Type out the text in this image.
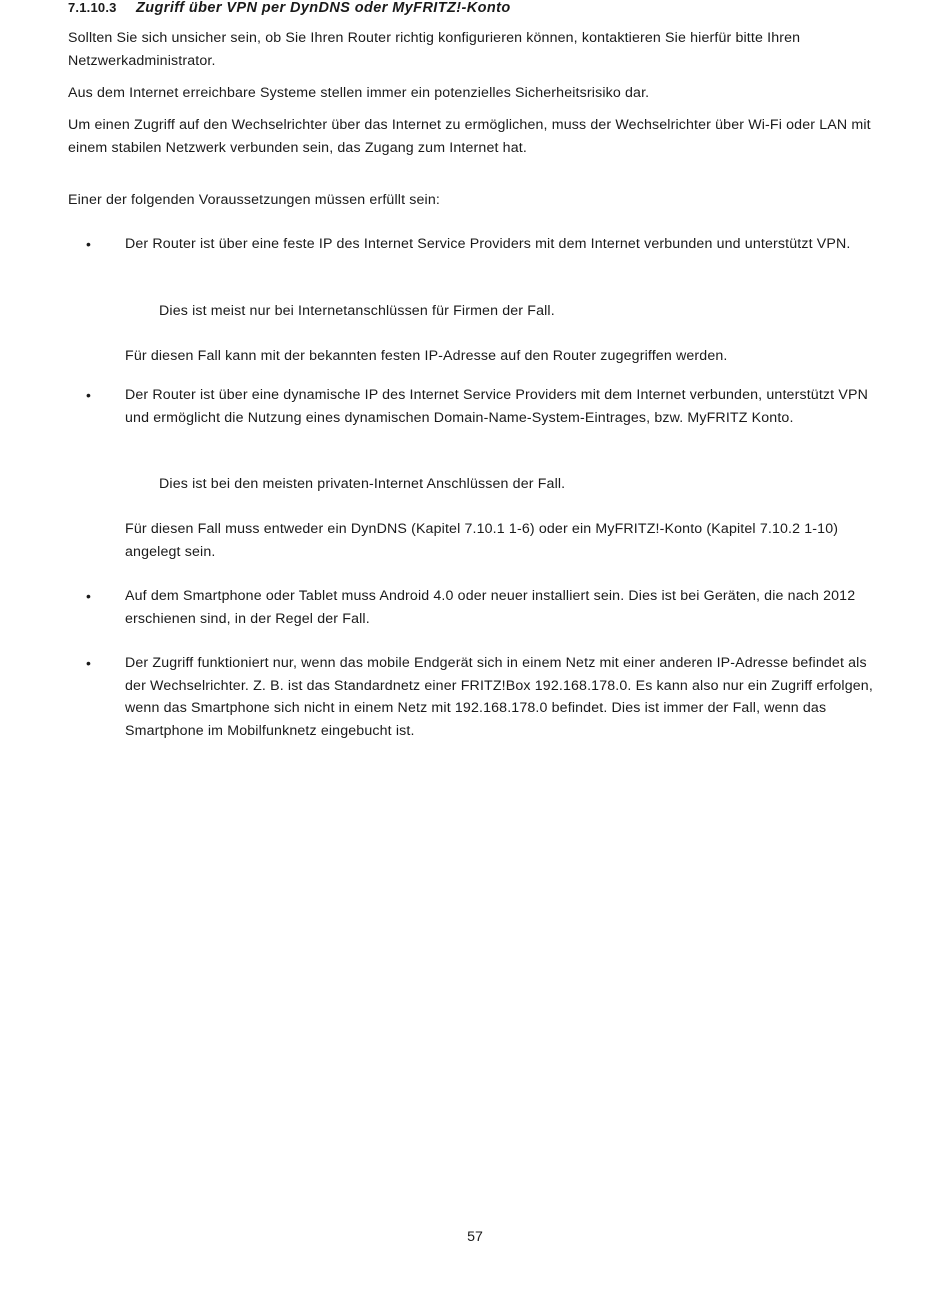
7.1.10.3	Zugriff über VPN per DynDNS oder MyFRITZ!-Konto
Sollten Sie sich unsicher sein, ob Sie Ihren Router richtig konfigurieren können, kontaktieren Sie hierfür bitte Ihren Netzwerkadministrator.
Aus dem Internet erreichbare Systeme stellen immer ein potenzielles Sicherheitsrisiko dar.
Um einen Zugriff auf den Wechselrichter über das Internet zu ermöglichen, muss der Wechselrichter über Wi-Fi oder LAN mit einem stabilen Netzwerk verbunden sein, das Zugang zum Internet hat.
Einer der folgenden Voraussetzungen müssen erfüllt sein:
• Der Router ist über eine feste IP des Internet Service Providers mit dem Internet verbunden und unterstützt VPN.
Dies ist meist nur bei Internetanschlüssen für Firmen der Fall.
Für diesen Fall kann mit der bekannten festen IP-Adresse auf den Router zugegriffen werden.
• Der Router ist über eine dynamische IP des Internet Service Providers mit dem Internet verbunden, unterstützt VPN und ermöglicht die Nutzung eines dynamischen Domain-Name-System-Eintrages, bzw. MyFRITZ Konto.
Dies ist bei den meisten privaten-Internet Anschlüssen der Fall.
Für diesen Fall muss entweder ein DynDNS (Kapitel 7.10.1 1-6) oder ein MyFRITZ!-Konto (Kapitel 7.10.2 1-10) angelegt sein.
• Auf dem Smartphone oder Tablet muss Android 4.0 oder neuer installiert sein. Dies ist bei Geräten, die nach 2012 erschienen sind, in der Regel der Fall.
• Der Zugriff funktioniert nur, wenn das mobile Endgerät sich in einem Netz mit einer anderen IP-Adresse befindet als der Wechselrichter. Z. B. ist das Standardnetz einer FRITZ!Box 192.168.178.0. Es kann also nur ein Zugriff erfolgen, wenn das Smartphone sich nicht in einem Netz mit 192.168.178.0 befindet. Dies ist immer der Fall, wenn das Smartphone im Mobilfunknetz eingebucht ist.
57
